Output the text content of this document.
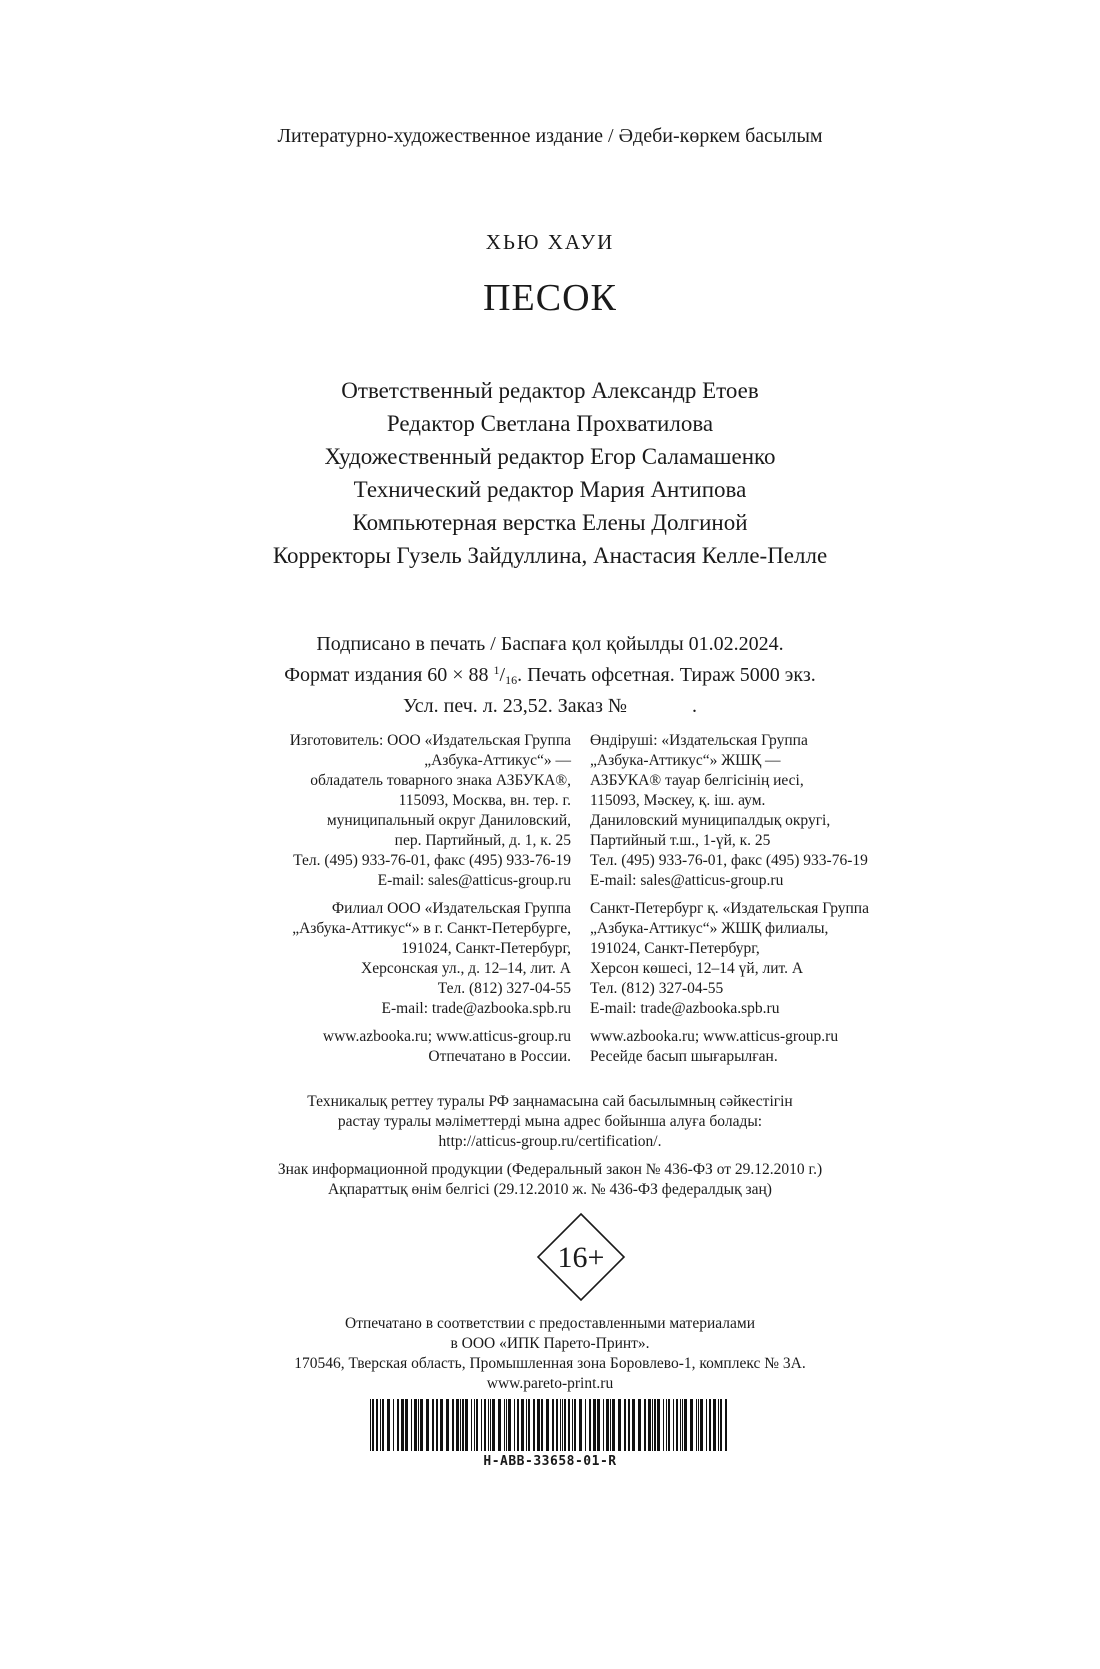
Литературно-художественное издание / Әдеби-көркем басылым
ХЬЮ ХАУИ
ПЕСОК
Ответственный редактор Александр Етоев
Редактор Светлана Прохватилова
Художественный редактор Егор Саламашенко
Технический редактор Мария Антипова
Компьютерная верстка Елены Долгиной
Корректоры Гузель Зайдуллина, Анастасия Келле-Пелле
Подписано в печать / Баспаға қол қойылды 01.02.2024.
Формат издания 60 × 88 $^1/_{16}$. Печать офсетная. Тираж 5000 экз.
Усл. печ. л. 23,52. Заказ №             .
Изготовитель: ООО «Издательская Группа
„Азбука-Аттикус“» —
обладатель товарного знака АЗБУКА®,
115093, Москва, вн. тер. г.
муниципальный округ Даниловский,
пер. Партийный, д. 1, к. 25
Тел. (495) 933-76-01, факс (495) 933-76-19
E-mail: sales@atticus-group.ru
Филиал ООО «Издательская Группа
„Азбука-Аттикус“» в г. Санкт-Петербурге,
191024, Санкт-Петербург,
Херсонская ул., д. 12–14, лит. А
Тел. (812) 327-04-55
E-mail: trade@azbooka.spb.ru
www.azbooka.ru; www.atticus-group.ru
Отпечатано в России.
Өндіруші: «Издательская Группа
„Азбука-Аттикус“» ЖШҚ —
АЗБУКА® тауар белгісінің иесі,
115093, Мәскеу, қ. іш. аум.
Даниловский муниципалдық округі,
Партийный т.ш., 1-үй, к. 25
Тел. (495) 933-76-01, факс (495) 933-76-19
E-mail: sales@atticus-group.ru
Санкт-Петербург қ. «Издательская Группа
„Азбука-Аттикус“» ЖШҚ филиалы,
191024, Санкт-Петербург,
Херсон көшесі, 12–14 үй, лит. А
Тел. (812) 327-04-55
E-mail: trade@azbooka.spb.ru
www.azbooka.ru; www.atticus-group.ru
Ресейде басып шығарылған.
Техникалық реттеу туралы РФ заңнамасына сай басылымның сәйкестігін
растау туралы мәліметтерді мына адрес бойынша алуға болады:
http://atticus-group.ru/certification/.
Знак информационной продукции (Федеральный закон № 436-ФЗ от 29.12.2010 г.)
Ақпараттық өнім белгісі (29.12.2010 ж. № 436-ФЗ федералдық заң)
16+
Отпечатано в соответствии с предоставленными материалами
в ООО «ИПК Парето-Принт».
170546, Тверская область, Промышленная зона Боровлево-1, комплекс № 3А.
www.pareto-print.ru
H-ABB-33658-01-R
